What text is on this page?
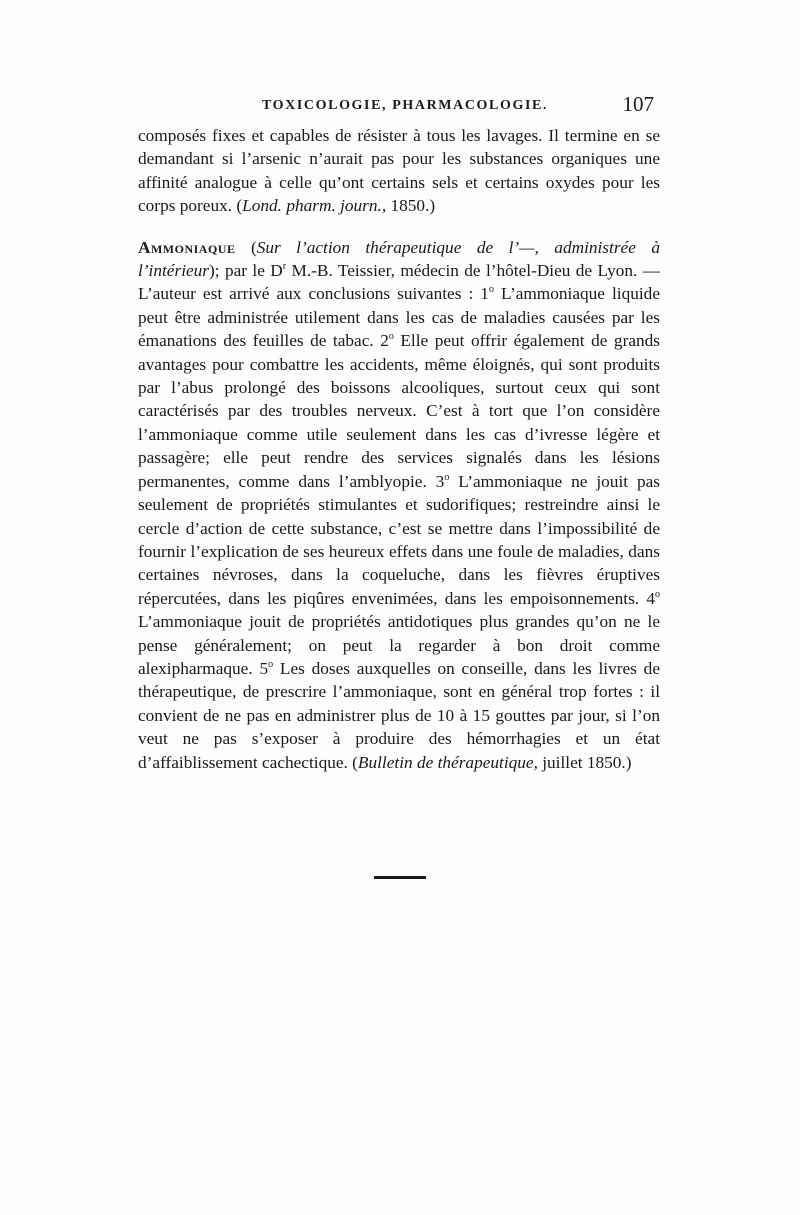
TOXICOLOGIE, PHARMACOLOGIE.	107

composés fixes et capables de résister à tous les lavages. Il termine en se demandant si l’arsenic n’aurait pas pour les substances organiques une affinité analogue à celle qu’ont certains sels et certains oxydes pour les corps poreux. (Lond. pharm. journ., 1850.)

Ammoniaque (Sur l’action thérapeutique de l’—, administrée à l’intérieur); par le $D^r$ M.-B. Teissier, médecin de l’hôtel-Dieu de Lyon. — L’auteur est arrivé aux conclusions suivantes : 1$^o$ L’ammoniaque liquide peut être administrée utilement dans les cas de maladies causées par les émanations des feuilles de tabac. 2$^o$ Elle peut offrir également de grands avantages pour combattre les accidents, même éloignés, qui sont produits par l’abus prolongé des boissons alcooliques, surtout ceux qui sont caractérisés par des troubles nerveux. C’est à tort que l’on considère l’ammoniaque comme utile seulement dans les cas d’ivresse légère et passagère; elle peut rendre des services signalés dans les lésions permanentes, comme dans l’amblyopie. 3$^o$ L’ammoniaque ne jouit pas seulement de propriétés stimulantes et sudorifiques; restreindre ainsi le cercle d’action de cette substance, c’est se mettre dans l’impossibilité de fournir l’explication de ses heureux effets dans une foule de maladies, dans certaines névroses, dans la coqueluche, dans les fièvres éruptives répercutées, dans les piqûres envenimées, dans les empoisonnements. 4$^o$ L’ammoniaque jouit de propriétés antidotiques plus grandes qu’on ne le pense généralement; on peut la regarder à bon droit comme alexipharmaque. 5$^o$ Les doses auxquelles on conseille, dans les livres de thérapeutique, de prescrire l’ammoniaque, sont en général trop fortes : il convient de ne pas en administrer plus de 10 à 15 gouttes par jour, si l’on veut ne pas s’exposer à produire des hémorrhagies et un état d’affaiblissement cachectique. (Bulletin de thérapeutique, juillet 1850.)
